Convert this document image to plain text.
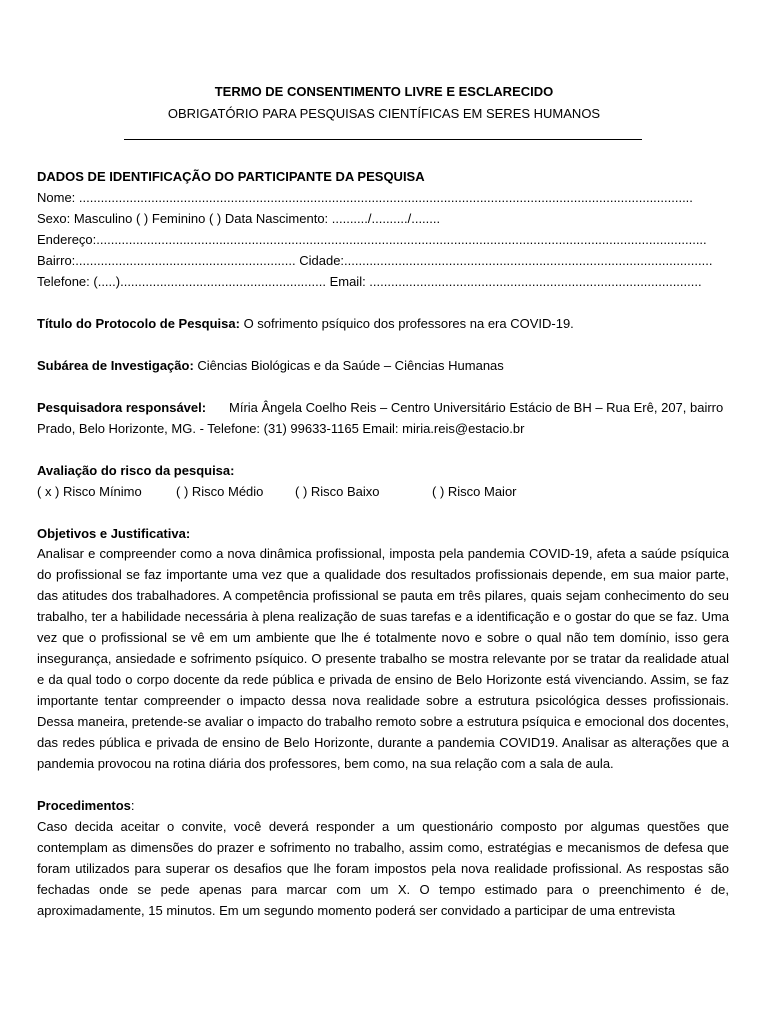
TERMO DE CONSENTIMENTO LIVRE E ESCLARECIDO
OBRIGATÓRIO PARA PESQUISAS CIENTÍFICAS EM SERES HUMANOS
DADOS DE IDENTIFICAÇÃO DO PARTICIPANTE DA PESQUISA
Nome: ..........................................................................................................................................................................
Sexo: Masculino ( ) Feminino ( ) Data Nascimento: ........../........../........
Endereço:.........................................................................................................................................................................
Bairro:............................................................. Cidade:......................................................................................................
Telefone: (.....)......................................................... Email: ............................................................................................
Título do Protocolo de Pesquisa: O sofrimento psíquico dos professores na era COVID-19.
Subárea de Investigação: Ciências Biológicas e da Saúde – Ciências Humanas
Pesquisadora responsável: Míria Ângela Coelho Reis – Centro Universitário Estácio de BH – Rua Erê, 207, bairro
Prado, Belo Horizonte, MG. - Telefone: (31) 99633-1165 Email: miria.reis@estacio.br
Avaliação do risco da pesquisa:
( x ) Risco Mínimo	( ) Risco Médio ( ) Risco Baixo	( ) Risco Maior
Objetivos e Justificativa:

Analisar e compreender como a nova dinâmica profissional, imposta pela pandemia COVID-19, afeta a saúde psíquica do profissional se faz importante uma vez que a qualidade dos resultados profissionais depende, em sua maior parte, das atitudes dos trabalhadores. A competência profissional se pauta em três pilares, quais sejam conhecimento do seu trabalho, ter a habilidade necessária à plena realização de suas tarefas e a identificação e o gostar do que se faz. Uma vez que o profissional se vê em um ambiente que lhe é totalmente novo e sobre o qual não tem domínio, isso gera insegurança, ansiedade e sofrimento psíquico. O presente trabalho se mostra relevante por se tratar da realidade atual e da qual todo o corpo docente da rede pública e privada de ensino de Belo Horizonte está vivenciando. Assim, se faz importante tentar compreender o impacto dessa nova realidade sobre a estrutura psicológica desses profissionais. Dessa maneira, pretende-se avaliar o impacto do trabalho remoto sobre a estrutura psíquica e emocional dos docentes, das redes pública e privada de ensino de Belo Horizonte, durante a pandemia COVID19. Analisar as alterações que a pandemia provocou na rotina diária dos professores, bem como, na sua relação com a sala de aula.

Procedimentos:

Caso decida aceitar o convite, você deverá responder a um questionário composto por algumas questões que contemplam as dimensões do prazer e sofrimento no trabalho, assim como, estratégias e mecanismos de defesa que foram utilizados para superar os desafios que lhe foram impostos pela nova realidade profissional. As respostas são fechadas onde se pede apenas para marcar com um X. O tempo estimado para o preenchimento é de, aproximadamente, 15 minutos. Em um segundo momento poderá ser convidado a participar de uma entrevista
